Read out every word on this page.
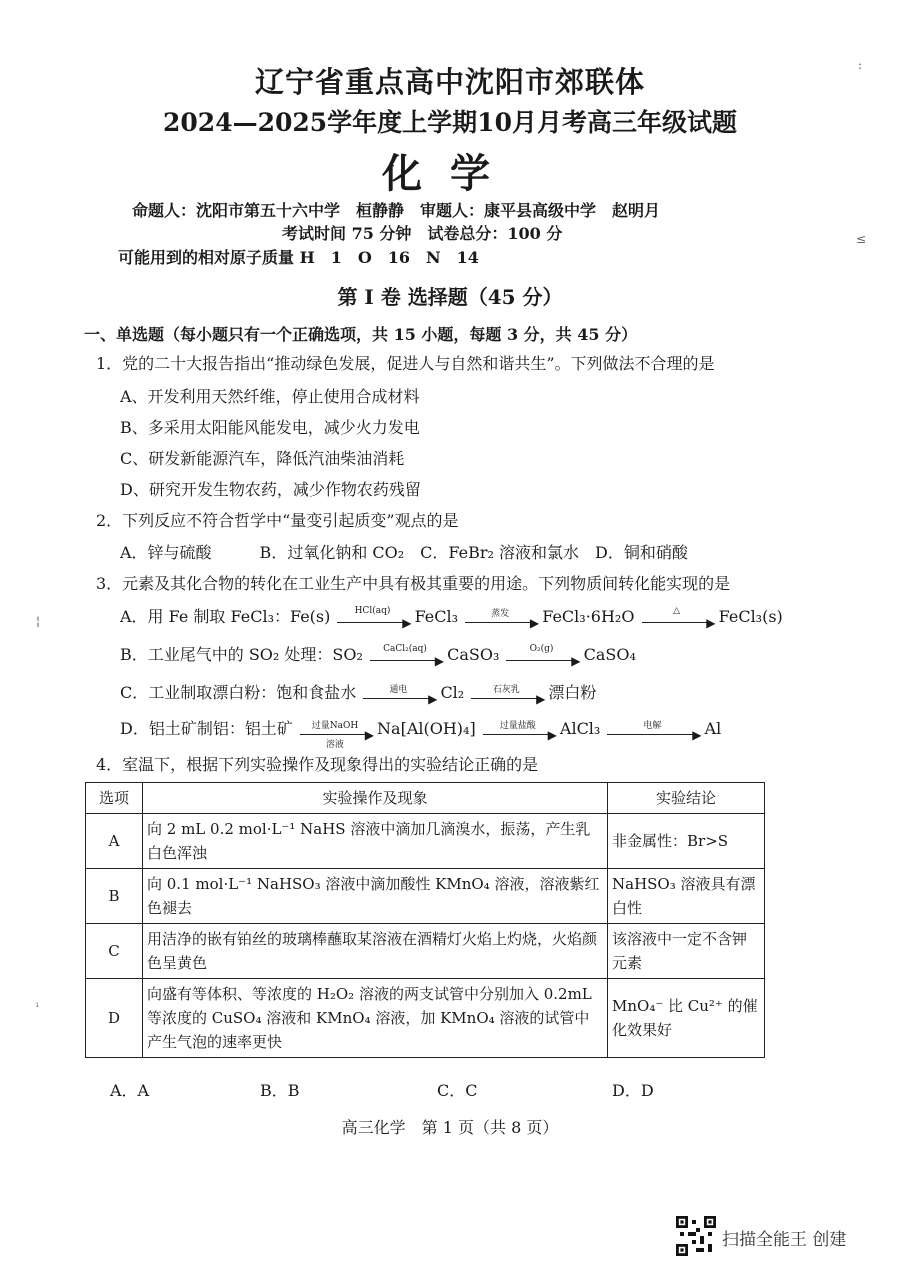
辽宁省重点高中沈阳市郊联体
2024—2025学年度上学期10月月考高三年级试题
化学
命题人：沈阳市第五十六中学　桓静静　审题人：康平县高级中学　赵明月
考试时间 75 分钟　试卷总分：100 分
可能用到的相对原子质量 H　1　O　16　N　14
第 I 卷 选择题（45 分）
一、单选题（每小题只有一个正确选项，共 15 小题，每题 3 分，共 45 分）
1．党的二十大报告指出“推动绿色发展，促进人与自然和谐共生”。下列做法不合理的是
A、开发利用天然纤维，停止使用合成材料
B、多采用太阳能风能发电，减少火力发电
C、研发新能源汽车，降低汽油柴油消耗
D、研究开发生物农药，减少作物农药残留
2．下列反应不符合哲学中“量变引起质变”观点的是
A．锌与硫酸　　　B．过氧化钠和 CO₂　C．FeBr₂ 溶液和氯水　D．铜和硝酸
3．元素及其化合物的转化在工业生产中具有极其重要的用途。下列物质间转化能实现的是
A．用 Fe 制取 FeCl₃：Fe(s)	HCl(aq)
▶ FeCl₃	蒸发
▶ FeCl₃·6H₂O	△
▶ FeCl₃(s)
B．工业尾气中的 SO₂ 处理：SO₂	CaCl₂(aq)
▶ CaSO₃	O₂(g)
▶ CaSO₄
C．工业制取漂白粉：饱和食盐水	通电
▶ Cl₂	石灰乳
▶ 漂白粉
D．铝土矿制铝：铝土矿	过量NaOH
▶
溶液
Na[Al(OH)₄]	过量盐酸
▶ AlCl₃	电解
▶ Al
4．室温下，根据下列实验操作及现象得出的实验结论正确的是
选项	实验操作及现象	实验结论
A	向 2 mL 0.2 mol·L⁻¹ NaHS 溶液中滴加几滴溴水，振荡，产生乳白色浑浊	非金属性：Br>S
B	向 0.1 mol·L⁻¹ NaHSO₃ 溶液中滴加酸性 KMnO₄ 溶液，溶液紫红色褪去	NaHSO₃ 溶液具有漂白性
C	用洁净的嵌有铂丝的玻璃棒蘸取某溶液在酒精灯火焰上灼烧，火焰颜色呈黄色	该溶液中一定不含钾元素
D	向盛有等体积、等浓度的 H₂O₂ 溶液的两支试管中分别加入 0.2mL 等浓度的 CuSO₄ 溶液和 KMnO₄ 溶液，加 KMnO₄ 溶液的试管中产生气泡的速率更快	MnO₄⁻ 比 Cu²⁺ 的催化效果好
A．A	B．B	C．C	D．D
高三化学　第 1 页（共 8 页）
扫描全能王 创建
:
≤
¦
ᵢ
